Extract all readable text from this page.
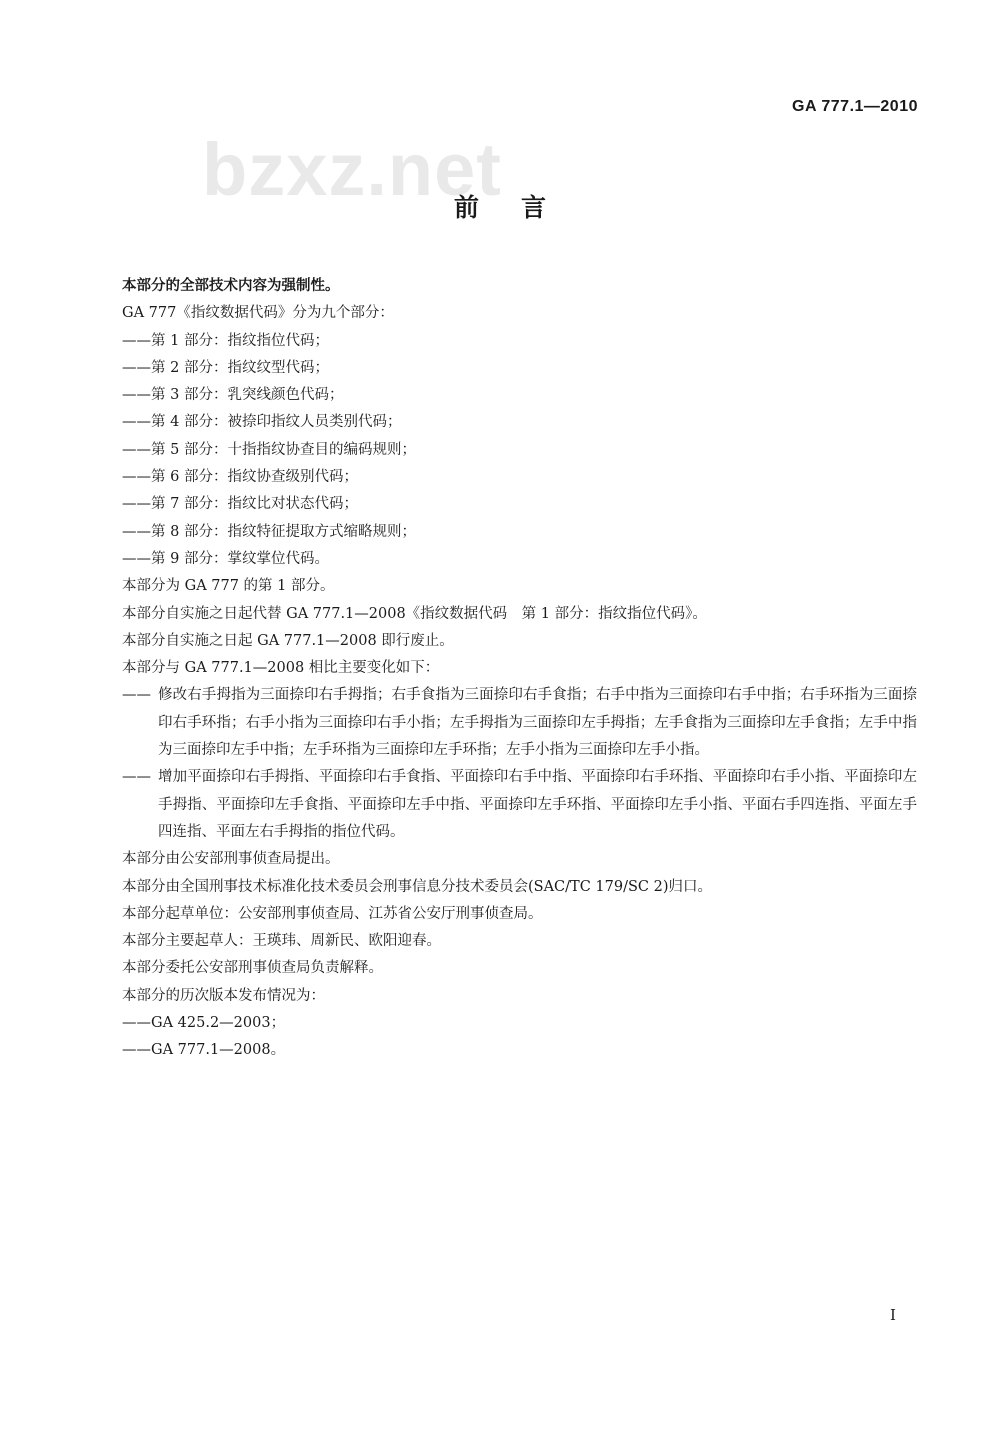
GA 777.1—2010
bzxz.net
前言

本部分的全部技术内容为强制性。

GA 777《指纹数据代码》分为九个部分：

——第 1 部分：指纹指位代码；

——第 2 部分：指纹纹型代码；

——第 3 部分：乳突线颜色代码；

——第 4 部分：被捺印指纹人员类别代码；

——第 5 部分：十指指纹协查目的编码规则；

——第 6 部分：指纹协查级别代码；

——第 7 部分：指纹比对状态代码；

——第 8 部分：指纹特征提取方式缩略规则；

——第 9 部分：掌纹掌位代码。

本部分为 GA 777 的第 1 部分。

本部分自实施之日起代替 GA 777.1—2008《指纹数据代码　第 1 部分：指纹指位代码》。

本部分自实施之日起 GA 777.1—2008 即行废止。

本部分与 GA 777.1—2008 相比主要变化如下：

—— 修改右手拇指为三面捺印右手拇指；右手食指为三面捺印右手食指；右手中指为三面捺印右手中指；右手环指为三面捺印右手环指；右手小指为三面捺印右手小指；左手拇指为三面捺印左手拇指；左手食指为三面捺印左手食指；左手中指为三面捺印左手中指；左手环指为三面捺印左手环指；左手小指为三面捺印左手小指。

—— 增加平面捺印右手拇指、平面捺印右手食指、平面捺印右手中指、平面捺印右手环指、平面捺印右手小指、平面捺印左手拇指、平面捺印左手食指、平面捺印左手中指、平面捺印左手环指、平面捺印左手小指、平面右手四连指、平面左手四连指、平面左右手拇指的指位代码。

本部分由公安部刑事侦查局提出。

本部分由全国刑事技术标准化技术委员会刑事信息分技术委员会(SAC/TC 179/SC 2)归口。

本部分起草单位：公安部刑事侦查局、江苏省公安厅刑事侦查局。

本部分主要起草人：王瑛玮、周新民、欧阳迎春。

本部分委托公安部刑事侦查局负责解释。

本部分的历次版本发布情况为：

——GA 425.2—2003；

——GA 777.1—2008。

I
